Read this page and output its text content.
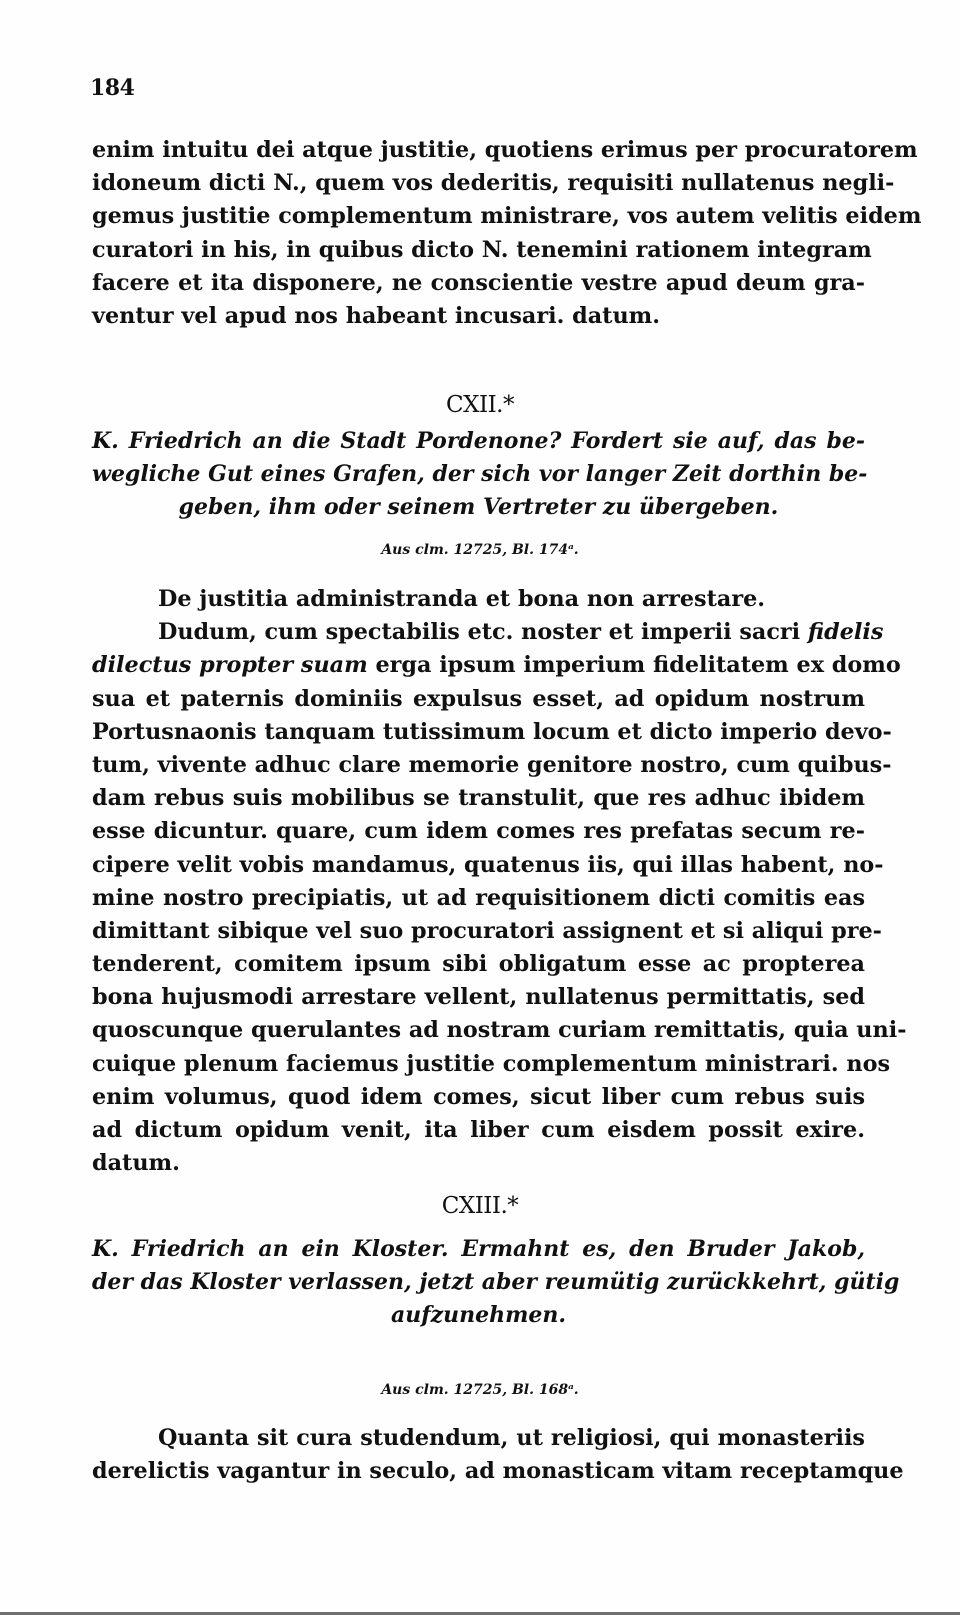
184
enim intuitu dei atque justitie, quotiens erimus per procuratorem
idoneum dicti N., quem vos dederitis, requisiti nullatenus negli-
gemus justitie complementum ministrare, vos autem velitis eidem
curatori in his, in quibus dicto N. tenemini rationem integram
facere et ita disponere, ne conscientie vestre apud deum gra-
ventur vel apud nos habeant incusari. datum.
CXII.*
K. Friedrich an die Stadt Pordenone? Fordert sie auf, das be-
wegliche Gut eines Grafen, der sich vor langer Zeit dorthin be-
geben, ihm oder seinem Vertreter zu übergeben.
Aus clm. 12725, Bl. 174ᵃ.
De justitia administranda et bona non arrestare.
Dudum, cum spectabilis etc. noster et imperii sacri fidelis
dilectus propter suam erga ipsum imperium fidelitatem ex domo
sua et paternis dominiis expulsus esset, ad opidum nostrum
Portusnaonis tanquam tutissimum locum et dicto imperio devo-
tum, vivente adhuc clare memorie genitore nostro, cum quibus-
dam rebus suis mobilibus se transtulit, que res adhuc ibidem
esse dicuntur. quare, cum idem comes res prefatas secum re-
cipere velit vobis mandamus, quatenus iis, qui illas habent, no-
mine nostro precipiatis, ut ad requisitionem dicti comitis eas
dimittant sibique vel suo procuratori assignent et si aliqui pre-
tenderent, comitem ipsum sibi obligatum esse ac propterea
bona hujusmodi arrestare vellent, nullatenus permittatis, sed
quoscunque querulantes ad nostram curiam remittatis, quia uni-
cuique plenum faciemus justitie complementum ministrari. nos
enim volumus, quod idem comes, sicut liber cum rebus suis
ad dictum opidum venit, ita liber cum eisdem possit exire.
datum.
CXIII.*
K. Friedrich an ein Kloster. Ermahnt es, den Bruder Jakob,
der das Kloster verlassen, jetzt aber reumütig zurückkehrt, gütig
aufzunehmen.
Aus clm. 12725, Bl. 168ᵃ.
Quanta sit cura studendum, ut religiosi, qui monasteriis
derelictis vagantur in seculo, ad monasticam vitam receptamque
